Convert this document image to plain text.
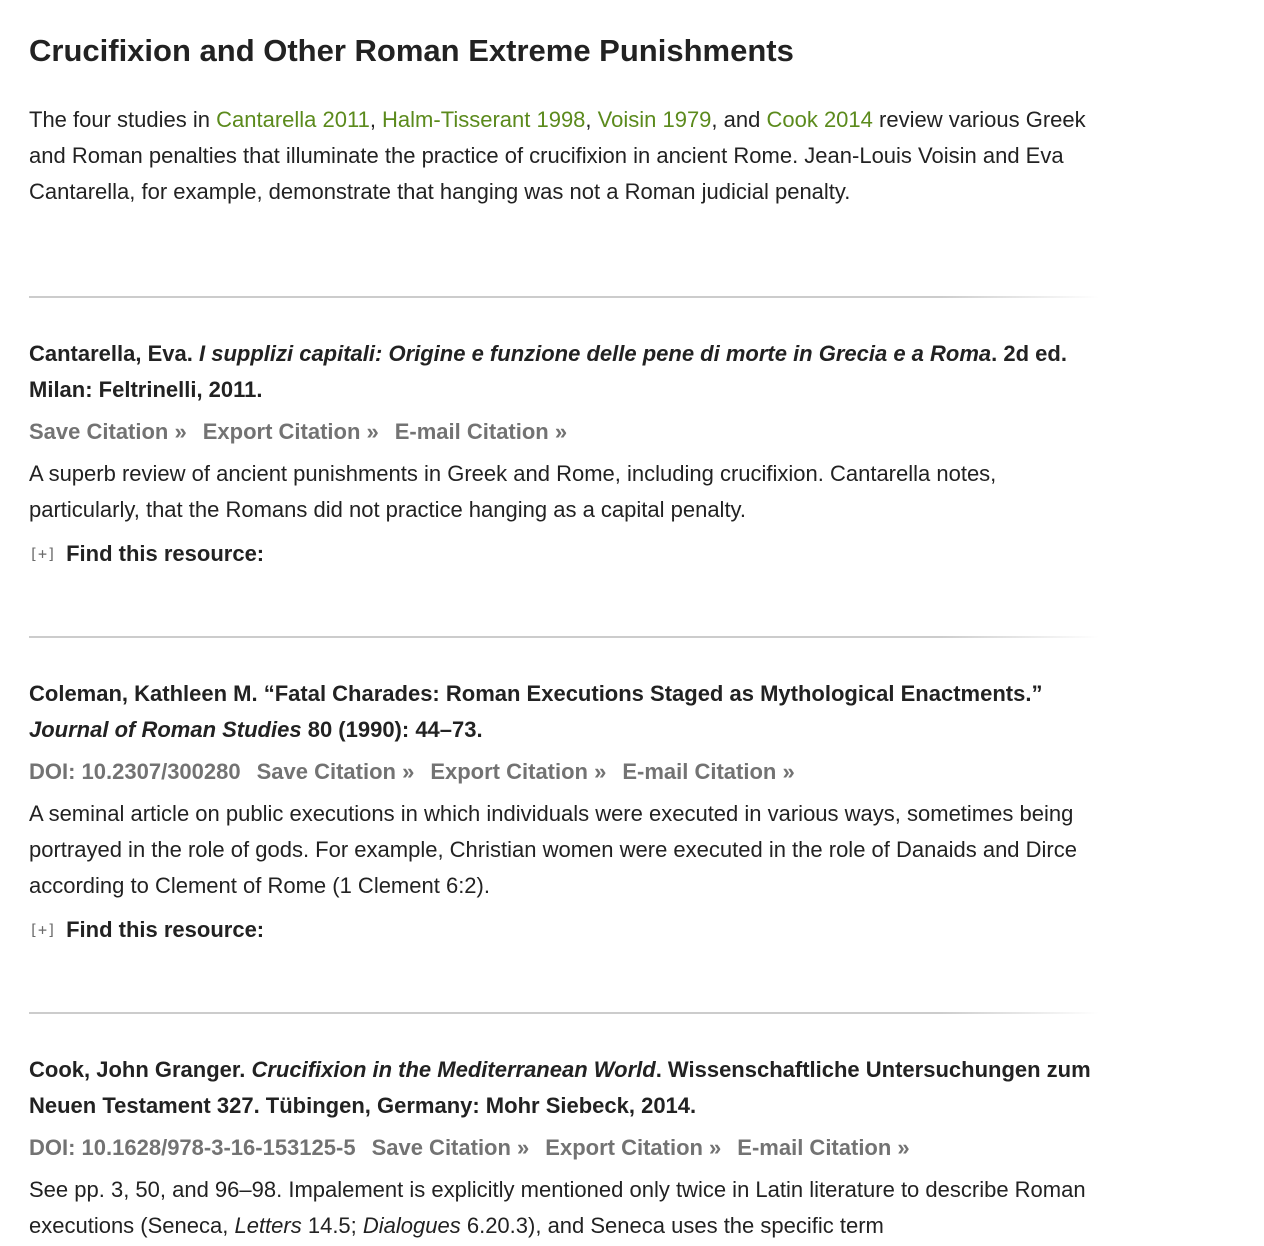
Crucifixion and Other Roman Extreme Punishments

The four studies in Cantarella 2011, Halm-Tisserant 1998, Voisin 1979, and Cook 2014 review various Greek and Roman penalties that illuminate the practice of crucifixion in ancient Rome. Jean-Louis Voisin and Eva Cantarella, for example, demonstrate that hanging was not a Roman judicial penalty.

Cantarella, Eva. I supplizi capitali: Origine e funzione delle pene di morte in Grecia e a Roma. 2d ed. Milan: Feltrinelli, 2011.

Save Citation » Export Citation » E-mail Citation »

A superb review of ancient punishments in Greek and Rome, including crucifixion. Cantarella notes, particularly, that the Romans did not practice hanging as a capital penalty.

[+] Find this resource:

Coleman, Kathleen M. “Fatal Charades: Roman Executions Staged as Mythological Enactments.” Journal of Roman Studies 80 (1990): 44–73.

DOI: 10.2307/300280 Save Citation » Export Citation » E-mail Citation »

A seminal article on public executions in which individuals were executed in various ways, sometimes being portrayed in the role of gods. For example, Christian women were executed in the role of Danaids and Dirce according to Clement of Rome (1 Clement 6:2).

[+] Find this resource:

Cook, John Granger. Crucifixion in the Mediterranean World. Wissenschaftliche Untersuchungen zum Neuen Testament 327. Tübingen, Germany: Mohr Siebeck, 2014.

DOI: 10.1628/978-3-16-153125-5 Save Citation » Export Citation » E-mail Citation »

See pp. 3, 50, and 96–98. Impalement is explicitly mentioned only twice in Latin literature to describe Roman executions (Seneca, Letters 14.5; Dialogues 6.20.3), and Seneca uses the specific term
